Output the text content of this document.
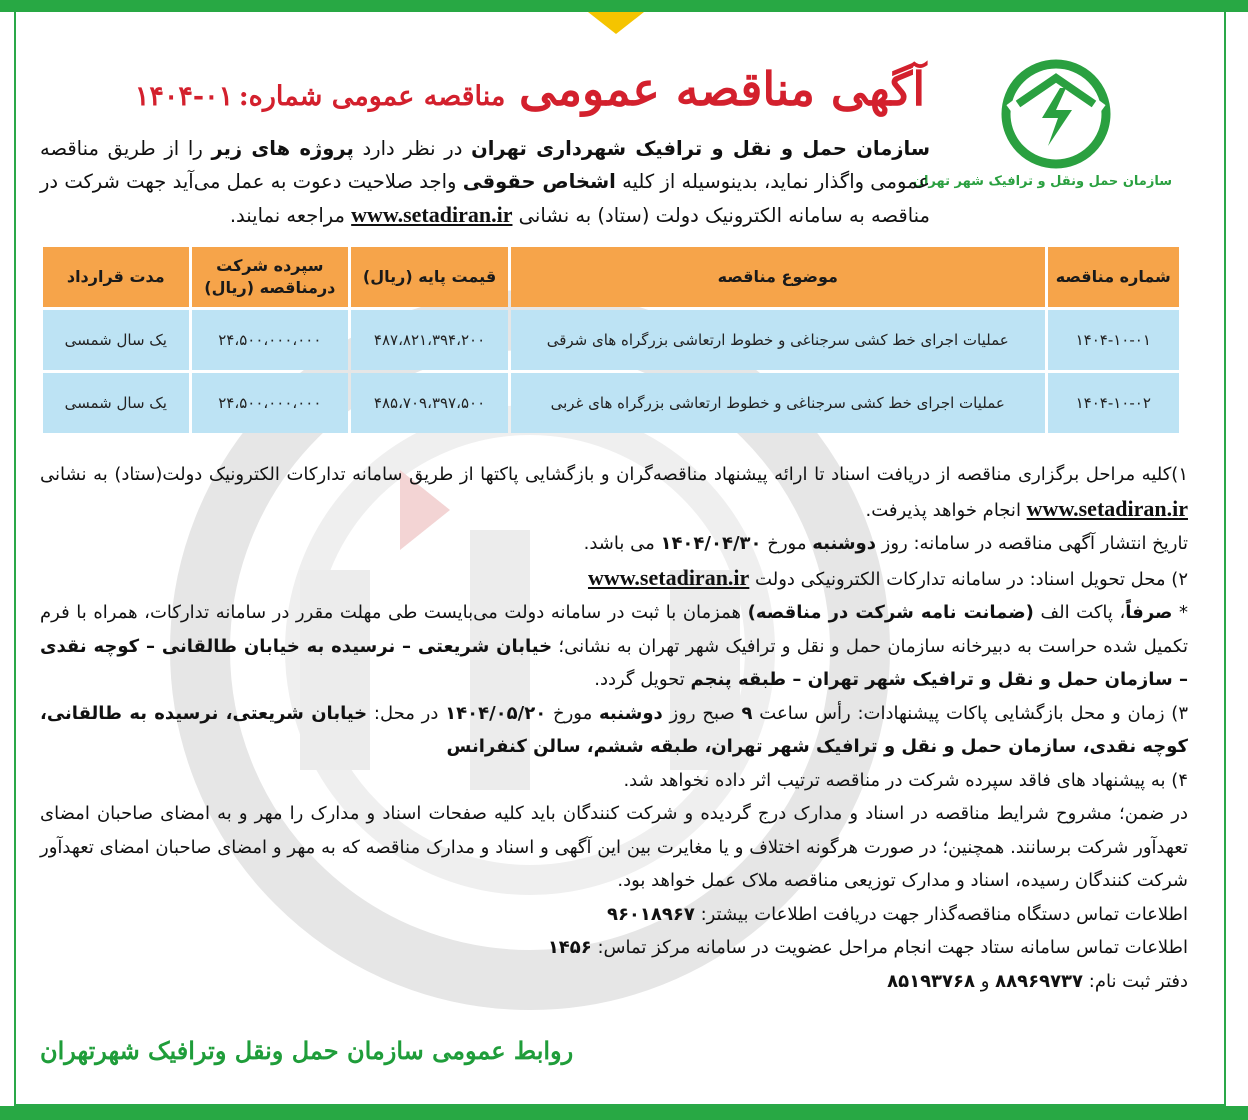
سازمان حمل ونقل و ترافیک شهر تهران
آگهی مناقصه عمومی مناقصه عمومی شماره: ۰۱-۱۴۰۴
سازمان حمل و نقل و ترافیک شهرداری تهران در نظر دارد پروژه های زیر را از طریق مناقصه عمومی واگذار نماید، بدینوسیله از کلیه اشخاص حقوقی واجد صلاحیت دعوت به عمل می‌آید جهت شرکت در مناقصه به سامانه الکترونیک دولت (ستاد) به نشانی www.setadiran.ir مراجعه نمایند.
شماره مناقصه	موضوع مناقصه	قیمت پایه (ریال)	سپرده شرکت درمناقصه (ریال)	مدت قرارداد
۱۴۰۴-۱۰-۰۱	عملیات اجرای خط کشی سرجناغی و خطوط ارتعاشی بزرگراه های شرقی	۴۸۷،۸۲۱،۳۹۴،۲۰۰	۲۴،۵۰۰،۰۰۰،۰۰۰	یک سال شمسی
۱۴۰۴-۱۰-۰۲	عملیات اجرای خط کشی سرجناغی و خطوط ارتعاشی بزرگراه های غربی	۴۸۵،۷۰۹،۳۹۷،۵۰۰	۲۴،۵۰۰،۰۰۰،۰۰۰	یک سال شمسی

۱)کلیه مراحل برگزاری مناقصه از دریافت اسناد تا ارائه پیشنهاد مناقصه‌گران و بازگشایی پاکتها از طریق سامانه تدارکات الکترونیک دولت(ستاد) به نشانی www.setadiran.ir انجام خواهد پذیرفت.

تاریخ انتشار آگهی مناقصه در سامانه: روز دوشنبه مورخ ۱۴۰۴/۰۴/۳۰ می باشد.

۲) محل تحویل اسناد: در سامانه تدارکات الکترونیکی دولت www.setadiran.ir

* صرفاً، پاکت الف (ضمانت نامه شرکت در مناقصه) همزمان با ثبت در سامانه دولت می‌بایست طی مهلت مقرر در سامانه تدارکات، همراه با فرم تکمیل شده حراست به دبیرخانه سازمان حمل و نقل و ترافیک شهر تهران به نشانی؛ خیابان شریعتی – نرسیده به خیابان طالقانی – کوچه نقدی – سازمان حمل و نقل و ترافیک شهر تهران – طبقه پنجم تحویل گردد.

۳) زمان و محل بازگشایی پاکات پیشنهادات: رأس ساعت ۹ صبح روز دوشنبه مورخ ۱۴۰۴/۰۵/۲۰ در محل: خیابان شریعتی، نرسیده به طالقانی، کوچه نقدی، سازمان حمل و نقل و ترافیک شهر تهران، طبقه ششم، سالن کنفرانس

۴) به پیشنهاد های فاقد سپرده شرکت در مناقصه ترتیب اثر داده نخواهد شد.

در ضمن؛ مشروح شرایط مناقصه در اسناد و مدارک درج گردیده و شرکت کنندگان باید کلیه صفحات اسناد و مدارک را مهر و به امضای صاحبان امضای تعهدآور شرکت برسانند. همچنین؛ در صورت هرگونه اختلاف و یا مغایرت بین این آگهی و اسناد و مدارک مناقصه که به مهر و امضای صاحبان امضای تعهدآور شرکت کنندگان رسیده، اسناد و مدارک توزیعی مناقصه ملاک عمل خواهد بود.

اطلاعات تماس دستگاه مناقصه‌گذار جهت دریافت اطلاعات بیشتر: ۹۶۰۱۸۹۶۷

اطلاعات تماس سامانه ستاد جهت انجام مراحل عضویت در سامانه مرکز تماس: ۱۴۵۶

دفتر ثبت نام: ۸۸۹۶۹۷۳۷ و ۸۵۱۹۳۷۶۸

روابط عمومی سازمان حمل ونقل وترافیک شهرتهران
